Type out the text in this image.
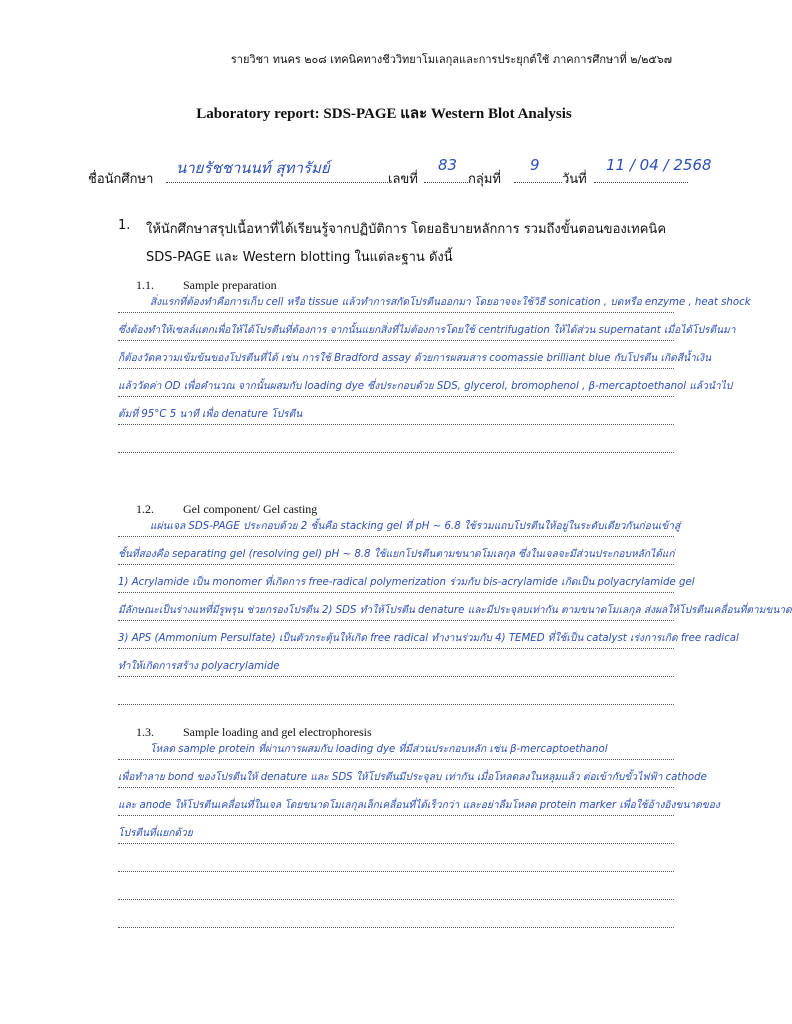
รายวิชา ทนคร ๒๐๘ เทคนิคทางชีววิทยาโมเลกุลและการประยุกต์ใช้ ภาคการศึกษาที่ ๒/๒๕๖๗
Laboratory report: SDS-PAGE และ Western Blot Analysis
ชื่อนักศึกษา
นายรัชชานนท์ สุทารัมย์
เลขที่
83
กลุ่มที่
9
วันที่
11 / 04 / 2568
1. ให้นักศึกษาสรุปเนื้อหาที่ได้เรียนรู้จากปฏิบัติการ โดยอธิบายหลักการ รวมถึงขั้นตอนของเทคนิค
SDS-PAGE และ Western blotting ในแต่ละฐาน ดังนี้
1.1. Sample preparation
สิ่งแรกที่ต้องทำคือการเก็บ cell หรือ tissue แล้วทำการสกัดโปรตีนออกมา โดยอาจจะใช้วิธี sonication , บดหรือ enzyme , heat shock
ซึ่งต้องทำให้เซลล์แตกเพื่อให้ได้โปรตีนที่ต้องการ จากนั้นแยกสิ่งที่ไม่ต้องการโดยใช้ centrifugation ให้ได้ส่วน supernatant เมื่อได้โปรตีนมา
ก็ต้องวัดความเข้มข้นของโปรตีนที่ได้ เช่น การใช้ Bradford assay ด้วยการผสมสาร coomassie brilliant blue กับโปรตีน เกิดสีน้ำเงิน
แล้ววัดค่า OD เพื่อคำนวณ จากนั้นผสมกับ loading dye ซึ่งประกอบด้วย SDS, glycerol, bromophenol , β-mercaptoethanol แล้วนำไป
ต้มที่ 95°C 5 นาที เพื่อ denature โปรตีน
1.2. Gel component/ Gel casting
แผ่นเจล SDS-PAGE ประกอบด้วย 2 ชั้นคือ stacking gel ที่ pH ~ 6.8 ใช้รวมแถบโปรตีนให้อยู่ในระดับเดียวกันก่อนเข้าสู่
ชั้นที่สองคือ separating gel (resolving gel) pH ~ 8.8 ใช้แยกโปรตีนตามขนาดโมเลกุล ซึ่งในเจลจะมีส่วนประกอบหลักได้แก่
1) Acrylamide เป็น monomer ที่เกิดการ free-radical polymerization ร่วมกับ bis-acrylamide เกิดเป็น polyacrylamide gel
มีลักษณะเป็นร่างแหที่มีรูพรุน ช่วยกรองโปรตีน 2) SDS ทำให้โปรตีน denature และมีประจุลบเท่ากัน ตามขนาดโมเลกุล ส่งผลให้โปรตีนเคลื่อนที่ตามขนาด
3) APS (Ammonium Persulfate) เป็นตัวกระตุ้นให้เกิด free radical ทำงานร่วมกับ 4) TEMED ที่ใช้เป็น catalyst เร่งการเกิด free radical
ทำให้เกิดการสร้าง polyacrylamide
1.3. Sample loading and gel electrophoresis
โหลด sample protein ที่ผ่านการผสมกับ loading dye ที่มีส่วนประกอบหลัก เช่น β-mercaptoethanol
เพื่อทำลาย bond ของโปรตีนให้ denature และ SDS ให้โปรตีนมีประจุลบ เท่ากัน เมื่อโหลดลงในหลุมแล้ว ต่อเข้ากับขั้วไฟฟ้า cathode
และ anode ให้โปรตีนเคลื่อนที่ในเจล โดยขนาดโมเลกุลเล็กเคลื่อนที่ได้เร็วกว่า และอย่าลืมโหลด protein marker เพื่อใช้อ้างอิงขนาดของ
โปรตีนที่แยกด้วย
